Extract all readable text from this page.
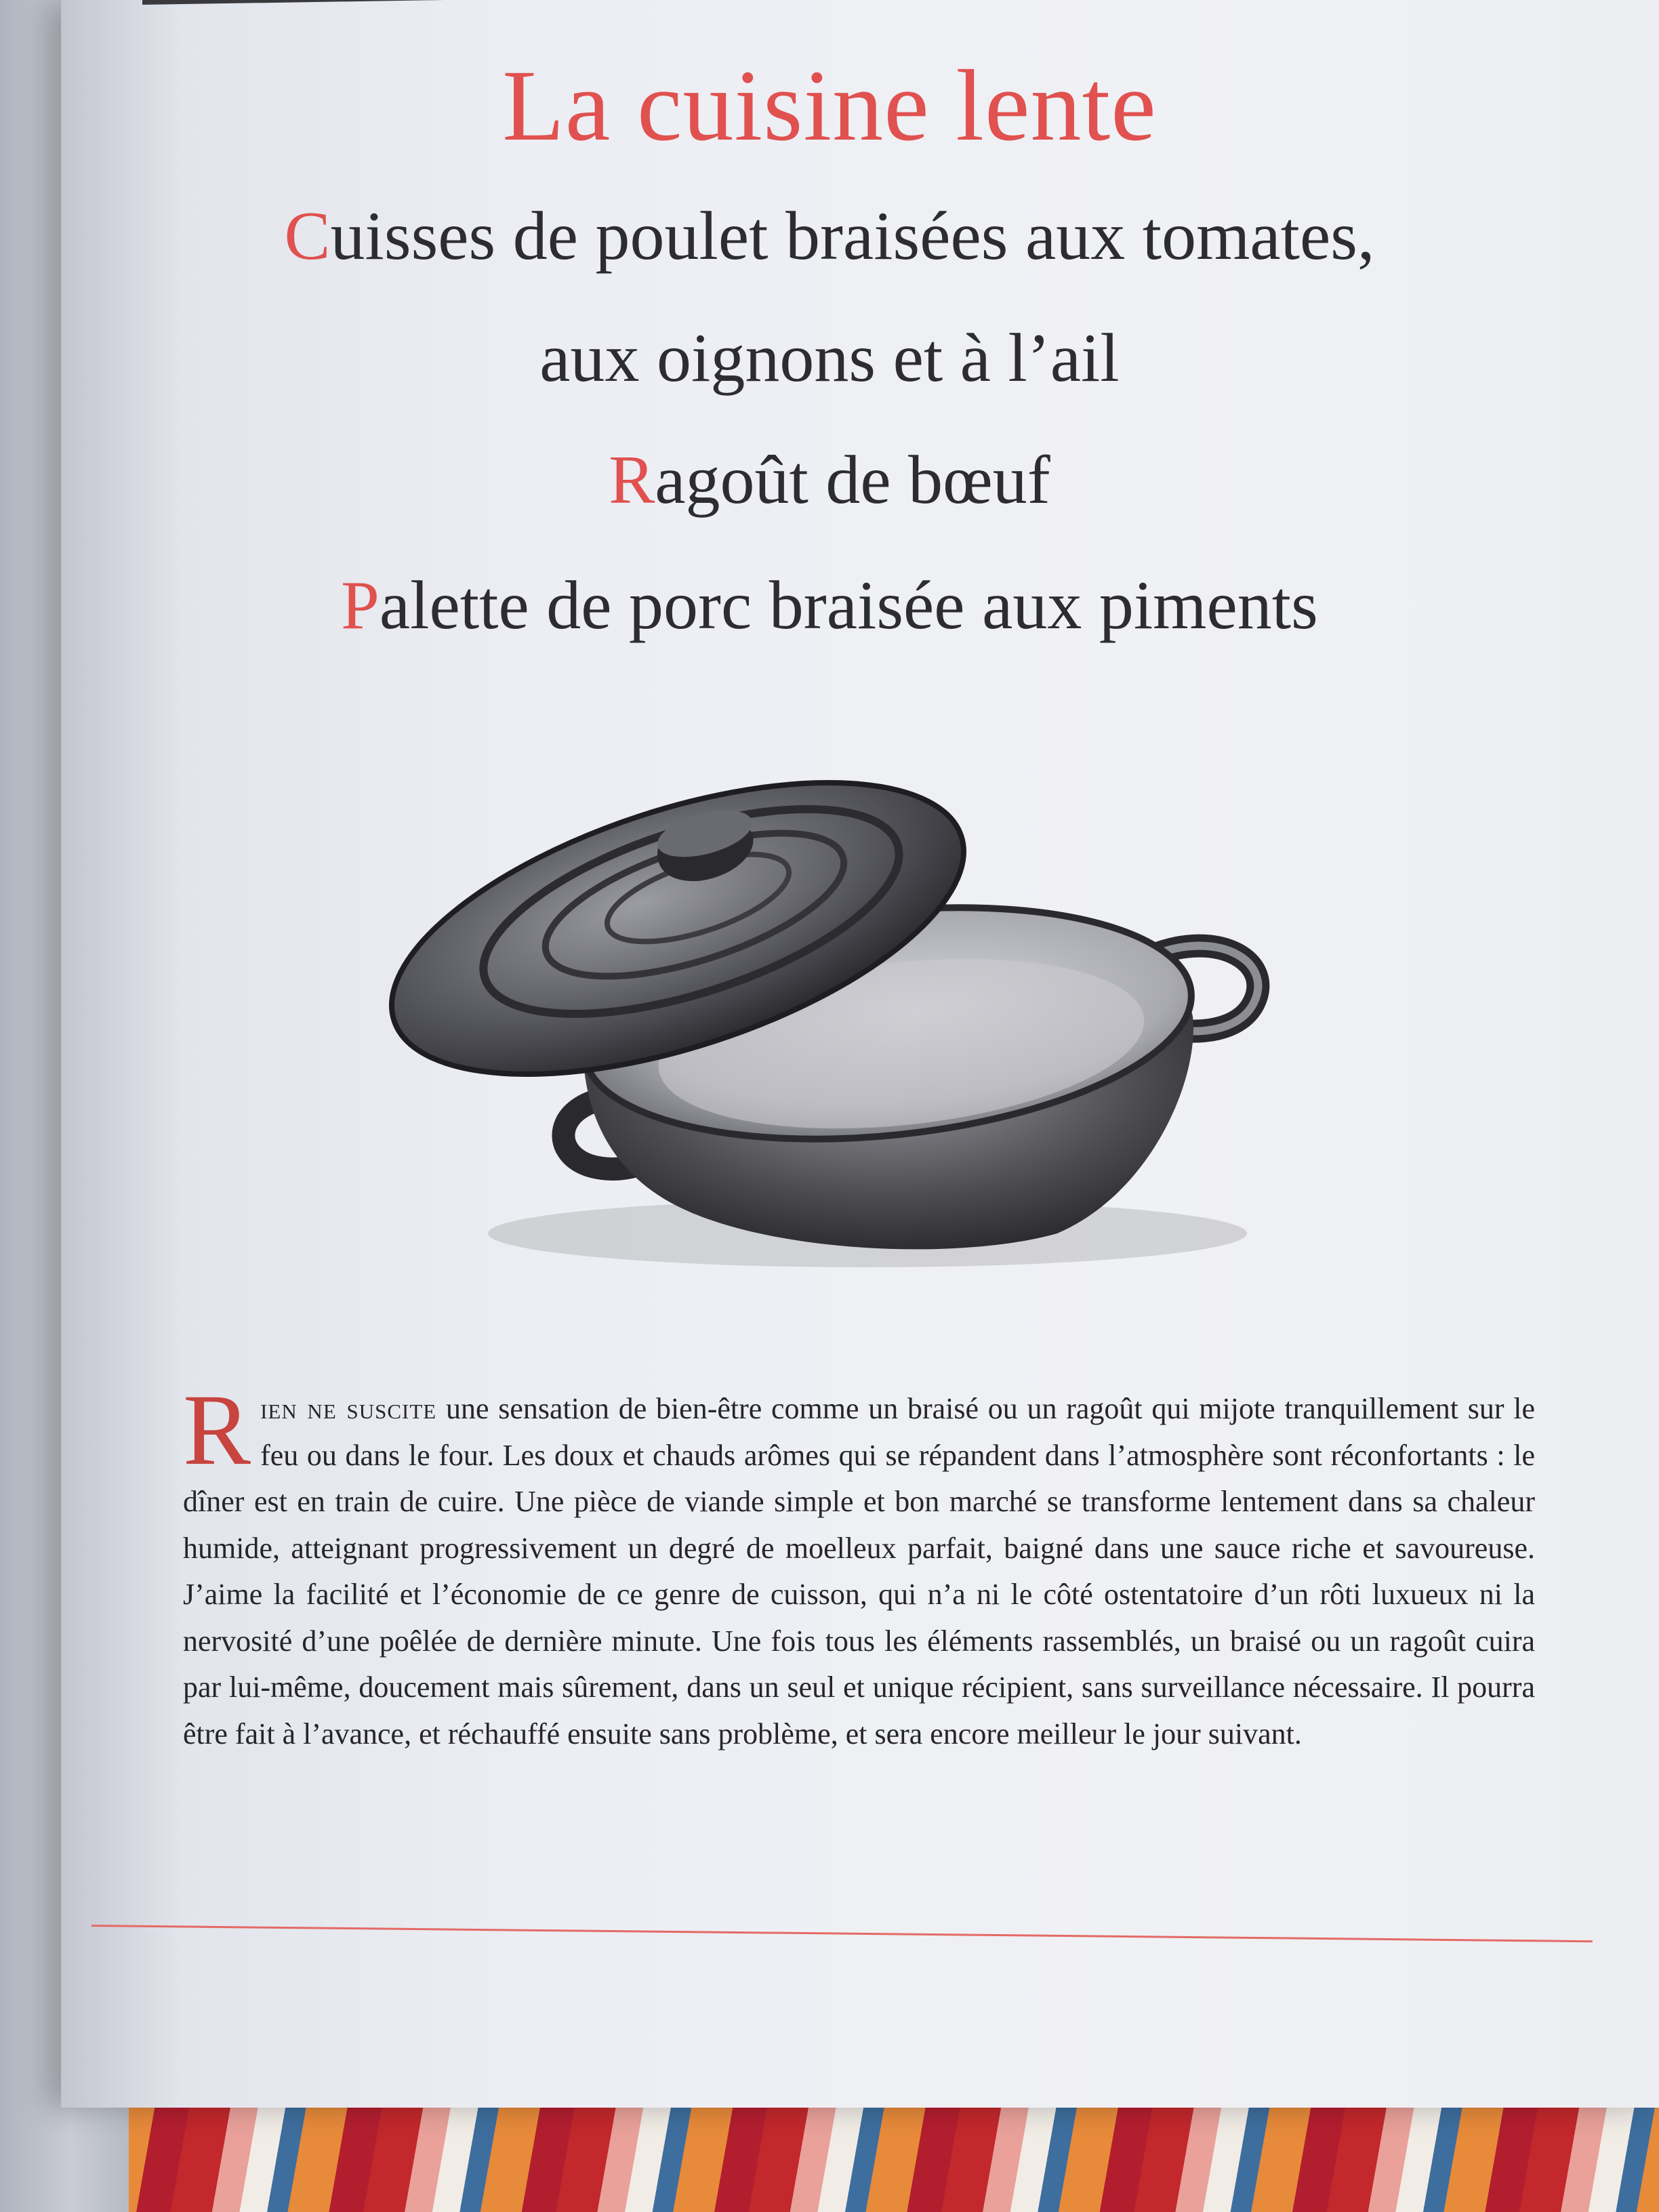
La cuisine lente
Cuisses de poulet braisées aux tomates,
aux oignons et à l’ail
Ragoût de bœuf
Palette de porc braisée aux piments

Rien ne suscite une sensation de bien-être comme un braisé ou un ragoût qui mijote tranquillement sur le feu ou dans le four. Les doux et chauds arômes qui se répandent dans l’atmosphère sont réconfortants : le dîner est en train de cuire. Une pièce de viande simple et bon marché se transforme lentement dans sa chaleur humide, atteignant progressivement un degré de moelleux parfait, baigné dans une sauce riche et savoureuse. J’aime la facilité et l’économie de ce genre de cuisson, qui n’a ni le côté ostentatoire d’un rôti luxueux ni la nervosité d’une poêlée de dernière minute. Une fois tous les éléments rassemblés, un braisé ou un ragoût cuira par lui-même, doucement mais sûrement, dans un seul et unique récipient, sans surveillance nécessaire. Il pourra être fait à l’avance, et réchauffé ensuite sans problème, et sera encore meilleur le jour suivant.
